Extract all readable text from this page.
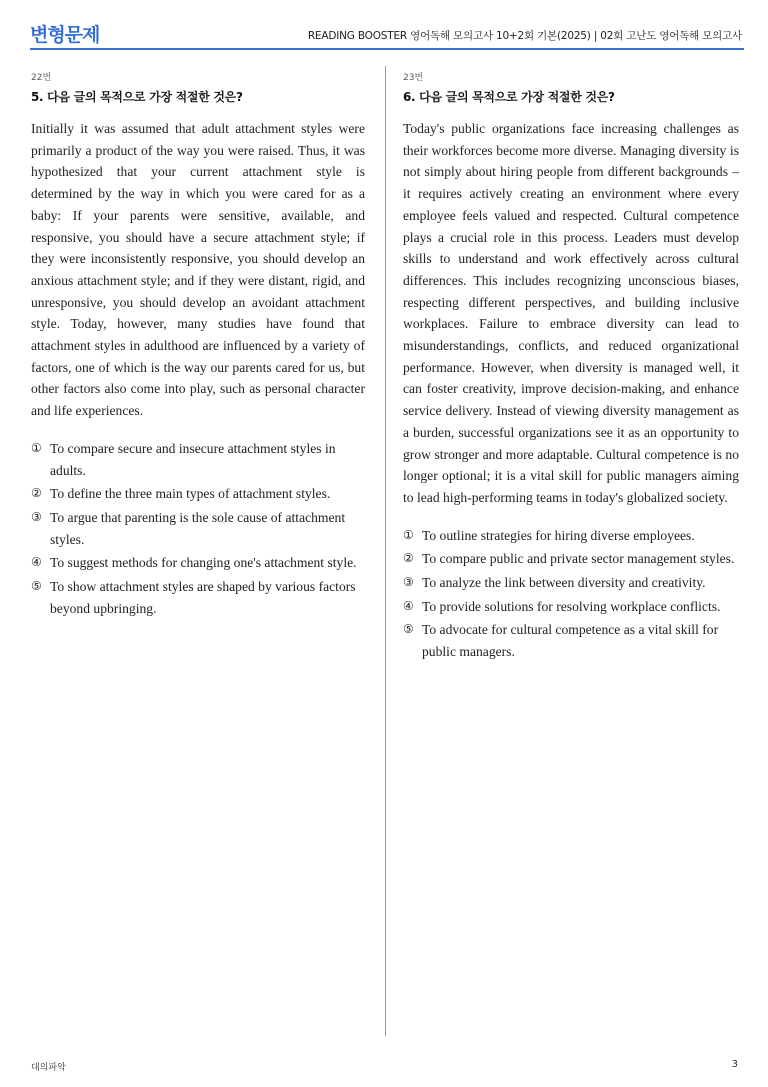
변형문제	READING BOOSTER 영어독해 모의고사 10+2회 기본(2025) | 02회 고난도 영어독해 모의고사
22번
5. 다음 글의 목적으로 가장 적절한 것은?

Initially it was assumed that adult attachment styles were primarily a product of the way you were raised. Thus, it was hypothesized that your current attachment style is determined by the way in which you were cared for as a baby: If your parents were sensitive, available, and responsive, you should have a secure attachment style; if they were inconsistently responsive, you should develop an anxious attachment style; and if they were distant, rigid, and unresponsive, you should develop an avoidant attachment style. Today, however, many studies have found that attachment styles in adulthood are influenced by a variety of factors, one of which is the way our parents cared for us, but other factors also come into play, such as personal character and life experiences.

① To compare secure and insecure attachment styles in adults.
② To define the three main types of attachment styles.
③ To argue that parenting is the sole cause of attachment styles.
④ To suggest methods for changing one's attachment style.
⑤ To show attachment styles are shaped by various factors beyond upbringing.
23번
6. 다음 글의 목적으로 가장 적절한 것은?

Today's public organizations face increasing challenges as their workforces become more diverse. Managing diversity is not simply about hiring people from different backgrounds – it requires actively creating an environment where every employee feels valued and respected. Cultural competence plays a crucial role in this process. Leaders must develop skills to understand and work effectively across cultural differences. This includes recognizing unconscious biases, respecting different perspectives, and building inclusive workplaces. Failure to embrace diversity can lead to misunderstandings, conflicts, and reduced organizational performance. However, when diversity is managed well, it can foster creativity, improve decision-making, and enhance service delivery. Instead of viewing diversity management as a burden, successful organizations see it as an opportunity to grow stronger and more adaptable. Cultural competence is no longer optional; it is a vital skill for public managers aiming to lead high-performing teams in today's globalized society.

① To outline strategies for hiring diverse employees.
② To compare public and private sector management styles.
③ To analyze the link between diversity and creativity.
④ To provide solutions for resolving workplace conflicts.
⑤ To advocate for cultural competence as a vital skill for public managers.
대의파악	3
